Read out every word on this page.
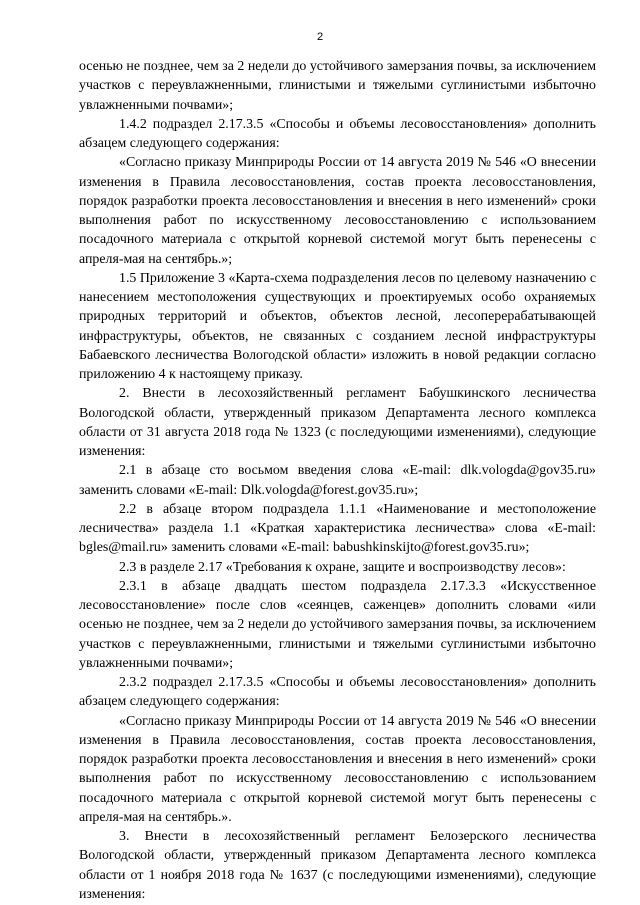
2

осенью не позднее, чем за 2 недели до устойчивого замерзания почвы, за исключением участков с переувлажненными, глинистыми и тяжелыми суглинистыми избыточно увлажненными почвами»;

1.4.2 подраздел 2.17.3.5 «Способы и объемы лесовосстановления» дополнить абзацем следующего содержания:

«Согласно приказу Минприроды России от 14 августа 2019 № 546 «О внесении изменения в Правила лесовосстановления, состав проекта лесовосстановления, порядок разработки проекта лесовосстановления и внесения в него изменений» сроки выполнения работ по искусственному лесовосстановлению с использованием посадочного материала с открытой корневой системой могут быть перенесены с апреля-мая на сентябрь.»;

1.5 Приложение 3 «Карта-схема подразделения лесов по целевому назначению с нанесением местоположения существующих и проектируемых особо охраняемых природных территорий и объектов, объектов лесной, лесоперерабатывающей инфраструктуры, объектов, не связанных с созданием лесной инфраструктуры Бабаевского лесничества Вологодской области» изложить в новой редакции согласно приложению 4 к настоящему приказу.

2. Внести в лесохозяйственный регламент Бабушкинского лесничества Вологодской области, утвержденный приказом Департамента лесного комплекса области от 31 августа 2018 года № 1323 (с последующими изменениями), следующие изменения:

2.1 в абзаце сто восьмом введения слова «E-mail: dlk.vologda@gov35.ru» заменить словами «E-mail: Dlk.vologda@forest.gov35.ru»;

2.2 в абзаце втором подраздела 1.1.1 «Наименование и местоположение лесничества» раздела 1.1 «Краткая характеристика лесничества» слова «E-mail: bgles@mail.ru» заменить словами «E-mail: babushkinskijto@forest.gov35.ru»;

2.3 в разделе 2.17 «Требования к охране, защите и воспроизводству лесов»:

2.3.1 в абзаце двадцать шестом подраздела 2.17.3.3 «Искусственное лесовосстановление» после слов «сеянцев, саженцев» дополнить словами «или осенью не позднее, чем за 2 недели до устойчивого замерзания почвы, за исключением участков с переувлажненными, глинистыми и тяжелыми суглинистыми избыточно увлажненными почвами»;

2.3.2 подраздел 2.17.3.5 «Способы и объемы лесовосстановления» дополнить абзацем следующего содержания:

«Согласно приказу Минприроды России от 14 августа 2019 № 546 «О внесении изменения в Правила лесовосстановления, состав проекта лесовосстановления, порядок разработки проекта лесовосстановления и внесения в него изменений» сроки выполнения работ по искусственному лесовосстановлению с использованием посадочного материала с открытой корневой системой могут быть перенесены с апреля-мая на сентябрь.».

3. Внести в лесохозяйственный регламент Белозерского лесничества Вологодской области, утвержденный приказом Департамента лесного комплекса области от 1 ноября 2018 года № 1637 (с последующими изменениями), следующие изменения:
